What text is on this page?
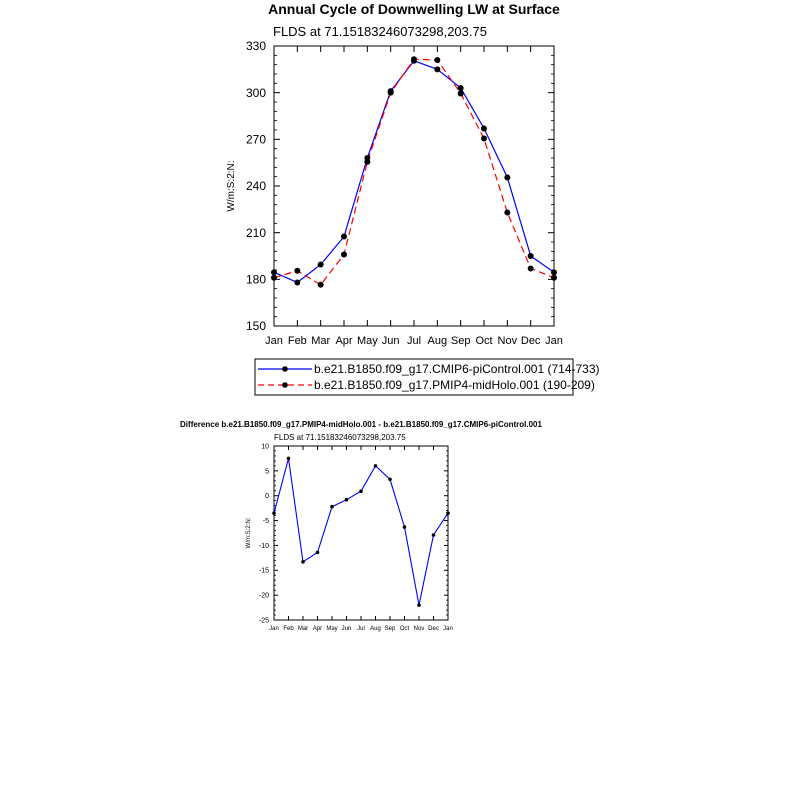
Annual Cycle of Downwelling LW at Surface
FLDS at 71.15183246073298,203.75
W/m:S:2:N:
150
180
210
240
270
300
330
Jan Feb Mar Apr May Jun Jul Aug Sep Oct Nov Dec Jan
b.e21.B1850.f09_g17.CMIP6-piControl.001 (714-733)
b.e21.B1850.f09_g17.PMIP4-midHolo.001 (190-209)
Difference b.e21.B1850.f09_g17.PMIP4-midHolo.001 - b.e21.B1850.f09_g17.CMIP6-piControl.001
FLDS at 71.15183246073298,203.75
W/m:S:2:N:
-25
-20
-15
-10
-5
0
5
10
Jan Feb Mar Apr May Jun Jul Aug Sep Oct Nov Dec Jan
